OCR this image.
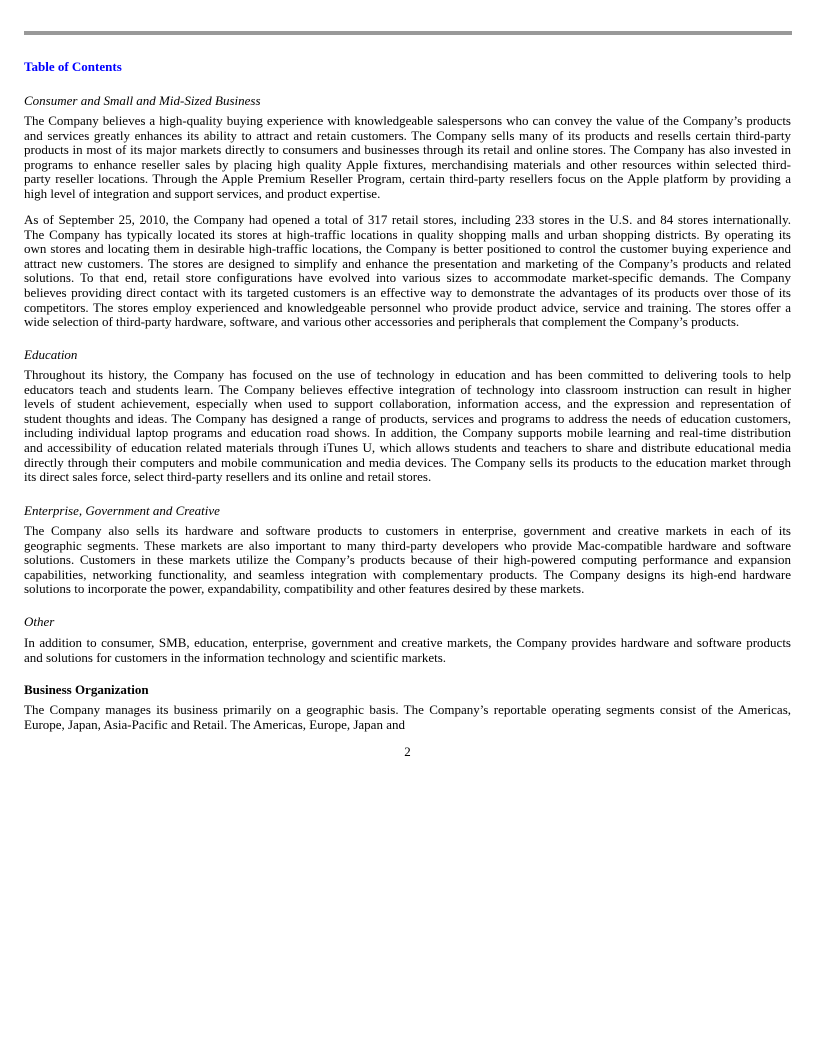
Table of Contents
Consumer and Small and Mid-Sized Business
The Company believes a high-quality buying experience with knowledgeable salespersons who can convey the value of the Company’s products
and services greatly enhances its ability to attract and retain customers. The Company sells many of its products and resells certain third-party
products in most of its major markets directly to consumers and businesses through its retail and online stores. The Company has also invested in
programs to enhance reseller sales by placing high quality Apple fixtures, merchandising materials and other resources within selected third-
party reseller locations. Through the Apple Premium Reseller Program, certain third-party resellers focus on the Apple platform by providing a
high level of integration and support services, and product expertise.
As of September 25, 2010, the Company had opened a total of 317 retail stores, including 233 stores in the U.S. and 84 stores internationally.
The Company has typically located its stores at high-traffic locations in quality shopping malls and urban shopping districts. By operating its
own stores and locating them in desirable high-traffic locations, the Company is better positioned to control the customer buying experience and
attract new customers. The stores are designed to simplify and enhance the presentation and marketing of the Company’s products and related
solutions. To that end, retail store configurations have evolved into various sizes to accommodate market-specific demands. The Company
believes providing direct contact with its targeted customers is an effective way to demonstrate the advantages of its products over those of its
competitors. The stores employ experienced and knowledgeable personnel who provide product advice, service and training. The stores offer a
wide selection of third-party hardware, software, and various other accessories and peripherals that complement the Company’s products.
Education
Throughout its history, the Company has focused on the use of technology in education and has been committed to delivering tools to help
educators teach and students learn. The Company believes effective integration of technology into classroom instruction can result in higher
levels of student achievement, especially when used to support collaboration, information access, and the expression and representation of
student thoughts and ideas. The Company has designed a range of products, services and programs to address the needs of education customers,
including individual laptop programs and education road shows. In addition, the Company supports mobile learning and real-time distribution
and accessibility of education related materials through iTunes U, which allows students and teachers to share and distribute educational media
directly through their computers and mobile communication and media devices. The Company sells its products to the education market through
its direct sales force, select third-party resellers and its online and retail stores.
Enterprise, Government and Creative
The Company also sells its hardware and software products to customers in enterprise, government and creative markets in each of its
geographic segments. These markets are also important to many third-party developers who provide Mac-compatible hardware and software
solutions. Customers in these markets utilize the Company’s products because of their high-powered computing performance and expansion
capabilities, networking functionality, and seamless integration with complementary products. The Company designs its high-end hardware
solutions to incorporate the power, expandability, compatibility and other features desired by these markets.
Other
In addition to consumer, SMB, education, enterprise, government and creative markets, the Company provides hardware and software products
and solutions for customers in the information technology and scientific markets.
Business Organization
The Company manages its business primarily on a geographic basis. The Company’s reportable operating segments consist of the Americas,
Europe, Japan, Asia-Pacific and Retail. The Americas, Europe, Japan and
2
